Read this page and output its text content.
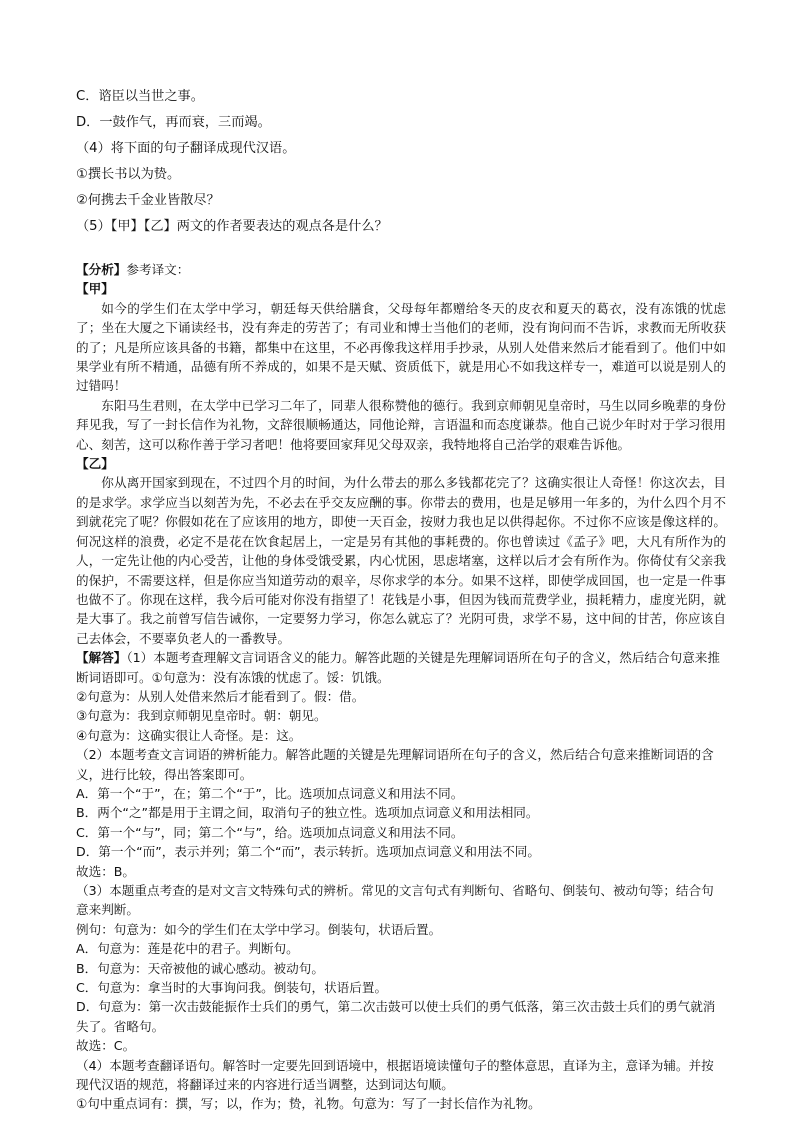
C．谘臣以当世之事。
D．一鼓作气，再而衰，三而竭。
（4）将下面的句子翻译成现代汉语。
①撰长书以为贽。
②何携去千金业皆散尽？
（5）【甲】【乙】两文的作者要表达的观点各是什么？

【分析】参考译文：

【甲】

如今的学生们在太学中学习，朝廷每天供给膳食，父母每年都赠给冬天的皮衣和夏天的葛衣，没有冻饿的忧虑了；坐在大厦之下诵读经书，没有奔走的劳苦了；有司业和博士当他们的老师，没有询问而不告诉，求教而无所收获的了；凡是所应该具备的书籍，都集中在这里，不必再像我这样用手抄录，从别人处借来然后才能看到了。他们中如果学业有所不精通，品德有所不养成的，如果不是天赋、资质低下，就是用心不如我这样专一，难道可以说是别人的过错吗！

东阳马生君则，在太学中已学习二年了，同辈人很称赞他的德行。我到京师朝见皇帝时，马生以同乡晚辈的身份拜见我，写了一封长信作为礼物，文辞很顺畅通达，同他论辩，言语温和而态度谦恭。他自己说少年时对于学习很用心、刻苦，这可以称作善于学习者吧！他将要回家拜见父母双亲，我特地将自己治学的艰难告诉他。

【乙】

你从离开国家到现在，不过四个月的时间，为什么带去的那么多钱都花完了？这确实很让人奇怪！你这次去，目的是求学。求学应当以刻苦为先，不必去在乎交友应酬的事。你带去的费用，也是足够用一年多的，为什么四个月不到就花完了呢？你假如花在了应该用的地方，即使一天百金，按财力我也足以供得起你。不过你不应该是像这样的。何况这样的浪费，必定不是花在饮食起居上，一定是另有其他的事耗费的。你也曾读过《孟子》吧，大凡有所作为的人，一定先让他的内心受苦，让他的身体受饿受累，内心忧困，思虑堵塞，这样以后才会有所作为。你倚仗有父亲我的保护，不需要这样，但是你应当知道劳动的艰辛，尽你求学的本分。如果不这样，即使学成回国，也一定是一件事也做不了。你现在这样，我今后可能对你没有指望了！花钱是小事，但因为钱而荒费学业，损耗精力，虚度光阴，就是大事了。我之前曾写信告诫你，一定要努力学习，你怎么就忘了？光阴可贵，求学不易，这中间的甘苦，你应该自己去体会，不要辜负老人的一番教导。

【解答】（1）本题考查理解文言词语含义的能力。解答此题的关键是先理解词语所在句子的含义，然后结合句意来推断词语即可。①句意为：没有冻饿的忧虑了。馁：饥饿。

②句意为：从别人处借来然后才能看到了。假：借。

③句意为：我到京师朝见皇帝时。朝：朝见。

④句意为：这确实很让人奇怪。是：这。

（2）本题考查文言词语的辨析能力。解答此题的关键是先理解词语所在句子的含义，然后结合句意来推断词语的含义，进行比较，得出答案即可。

A．第一个“于”，在；第二个“于”，比。选项加点词意义和用法不同。

B．两个“之”都是用于主谓之间，取消句子的独立性。选项加点词意义和用法相同。

C．第一个“与”，同；第二个“与”，给。选项加点词意义和用法不同。

D．第一个“而”，表示并列；第二个“而”，表示转折。选项加点词意义和用法不同。

故选：B。

（3）本题重点考查的是对文言文特殊句式的辨析。常见的文言句式有判断句、省略句、倒装句、被动句等；结合句意来判断。

例句：句意为：如今的学生们在太学中学习。倒装句，状语后置。

A．句意为：莲是花中的君子。判断句。

B．句意为：天帝被他的诚心感动。被动句。

C．句意为：拿当时的大事询问我。倒装句，状语后置。

D．句意为：第一次击鼓能振作士兵们的勇气，第二次击鼓可以使士兵们的勇气低落，第三次击鼓士兵们的勇气就消失了。省略句。

故选：C。

（4）本题考查翻译语句。解答时一定要先回到语境中，根据语境读懂句子的整体意思，直译为主，意译为辅。并按现代汉语的规范，将翻译过来的内容进行适当调整，达到词达句顺。

①句中重点词有：撰，写；以，作为；贽，礼物。句意为：写了一封长信作为礼物。
